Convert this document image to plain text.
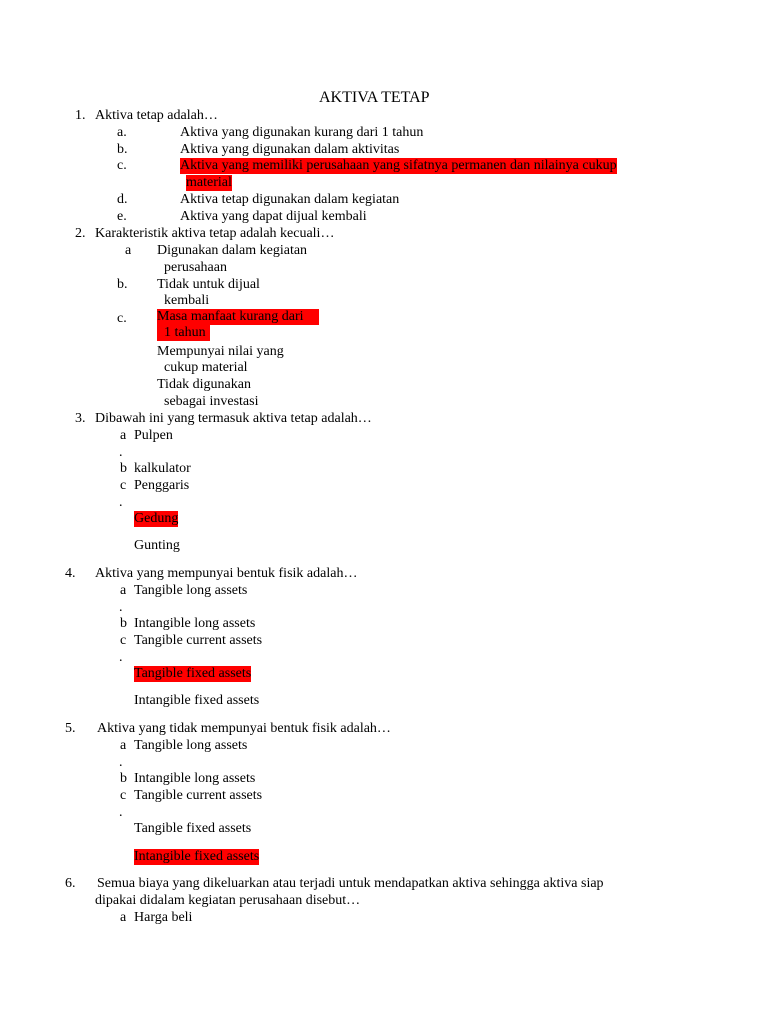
AKTIVA TETAP
1. Aktiva tetap adalah…
a.	Aktiva yang digunakan kurang dari 1 tahun
b.	Aktiva yang digunakan dalam aktivitas
c.	Aktiva yang memiliki perusahaan yang sifatnya permanen dan nilainya cukup
material
d.	Aktiva tetap digunakan dalam kegiatan
e.	Aktiva yang dapat dijual kembali
2. Karakteristik aktiva tetap adalah kecuali…
a Digunakan dalam kegiatan
perusahaan
b. Tidak untuk dijual
kembali
c. Masa manfaat kurang dari
1 tahun
Mempunyai nilai yang
cukup material
Tidak digunakan
sebagai investasi
3. Dibawah ini yang termasuk aktiva tetap adalah…
a Pulpen
.
b kalkulator
c Penggaris
.
Gedung
Gunting
4. Aktiva yang mempunyai bentuk fisik adalah…
a Tangible long assets
.
b Intangible long assets
c Tangible current assets
.
Tangible fixed assets
Intangible fixed assets
5. Aktiva yang tidak mempunyai bentuk fisik adalah…
a Tangible long assets
.
b Intangible long assets
c Tangible current assets
.
Tangible fixed assets
Intangible fixed assets
6. Semua biaya yang dikeluarkan atau terjadi untuk mendapatkan aktiva sehingga aktiva siap
dipakai didalam kegiatan perusahaan disebut…
a Harga beli
